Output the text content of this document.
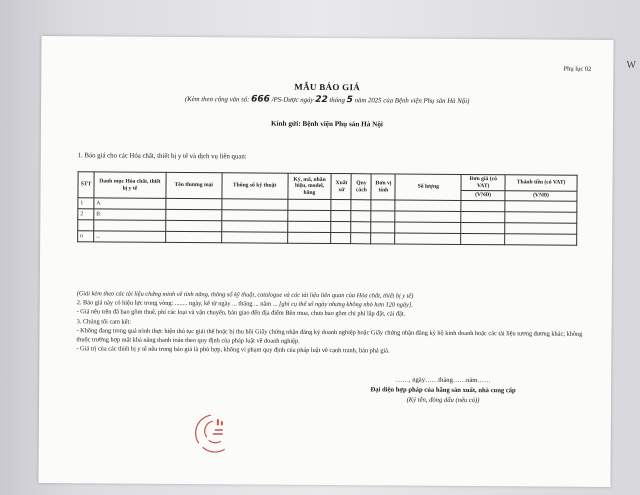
W
Phụ lục 02
MẪU BÁO GIÁ
(Kèm theo công văn số: 666 /PS-Dược ngày 22 tháng 5 năm 2025 của Bệnh viện Phụ sản Hà Nội)
Kính gửi: Bệnh viện Phụ sản Hà Nội
1. Báo giá cho các Hóa chất, thiết bị y tế và dịch vụ liên quan:
STT	Danh mục Hóa chất, thiết bị y tế	Tên thương mại	Thông số kỹ thuật	Ký, mã, nhãn hiệu, model, hãng	Xuất xứ	Quy cách	Đơn vị tính	Số lượng	Đơn giá (có VAT)	Thành tiền (có VAT)
									(VNĐ)	(VNĐ)
1	A									
2	B									

n	...									
(Giải kèm theo các tài liệu chứng minh về tính năng, thông số kỹ thuật, catalogue và các tài liệu liên quan của Hóa chất, thiết bị y tế)
2. Báo giá này có hiệu lực trong vòng: ........ ngày, kể từ ngày ... tháng ... năm ... [ghi cụ thể số ngày nhưng không nhỏ hơn 120 ngày].
- Giá nêu trên đã bao gồm thuế, phí các loại và vận chuyển, bàn giao đến địa điểm Bên mua, chưa bao gồm chi phí lắp đặt, cài đặt.
3. Chúng tôi cam kết:
- Không đang trong quá trình thực hiện thủ tục giải thể hoặc bị thu hồi Giấy chứng nhận đăng ký doanh nghiệp hoặc Giấy chứng nhận đăng ký hộ kinh doanh hoặc các tài liệu tương đương khác; không thuộc trường hợp mất khả năng thanh toán theo quy định của pháp luật về doanh nghiệp.
- Giá trị của các thiết bị y tế nêu trong báo giá là phù hợp, không vi phạm quy định của pháp luật về cạnh tranh, bán phá giá.
……, ngày……tháng……năm……
Đại diện hợp pháp của hãng sản xuất, nhà cung cấp
(Ký tên, đóng dấu (nếu có))
